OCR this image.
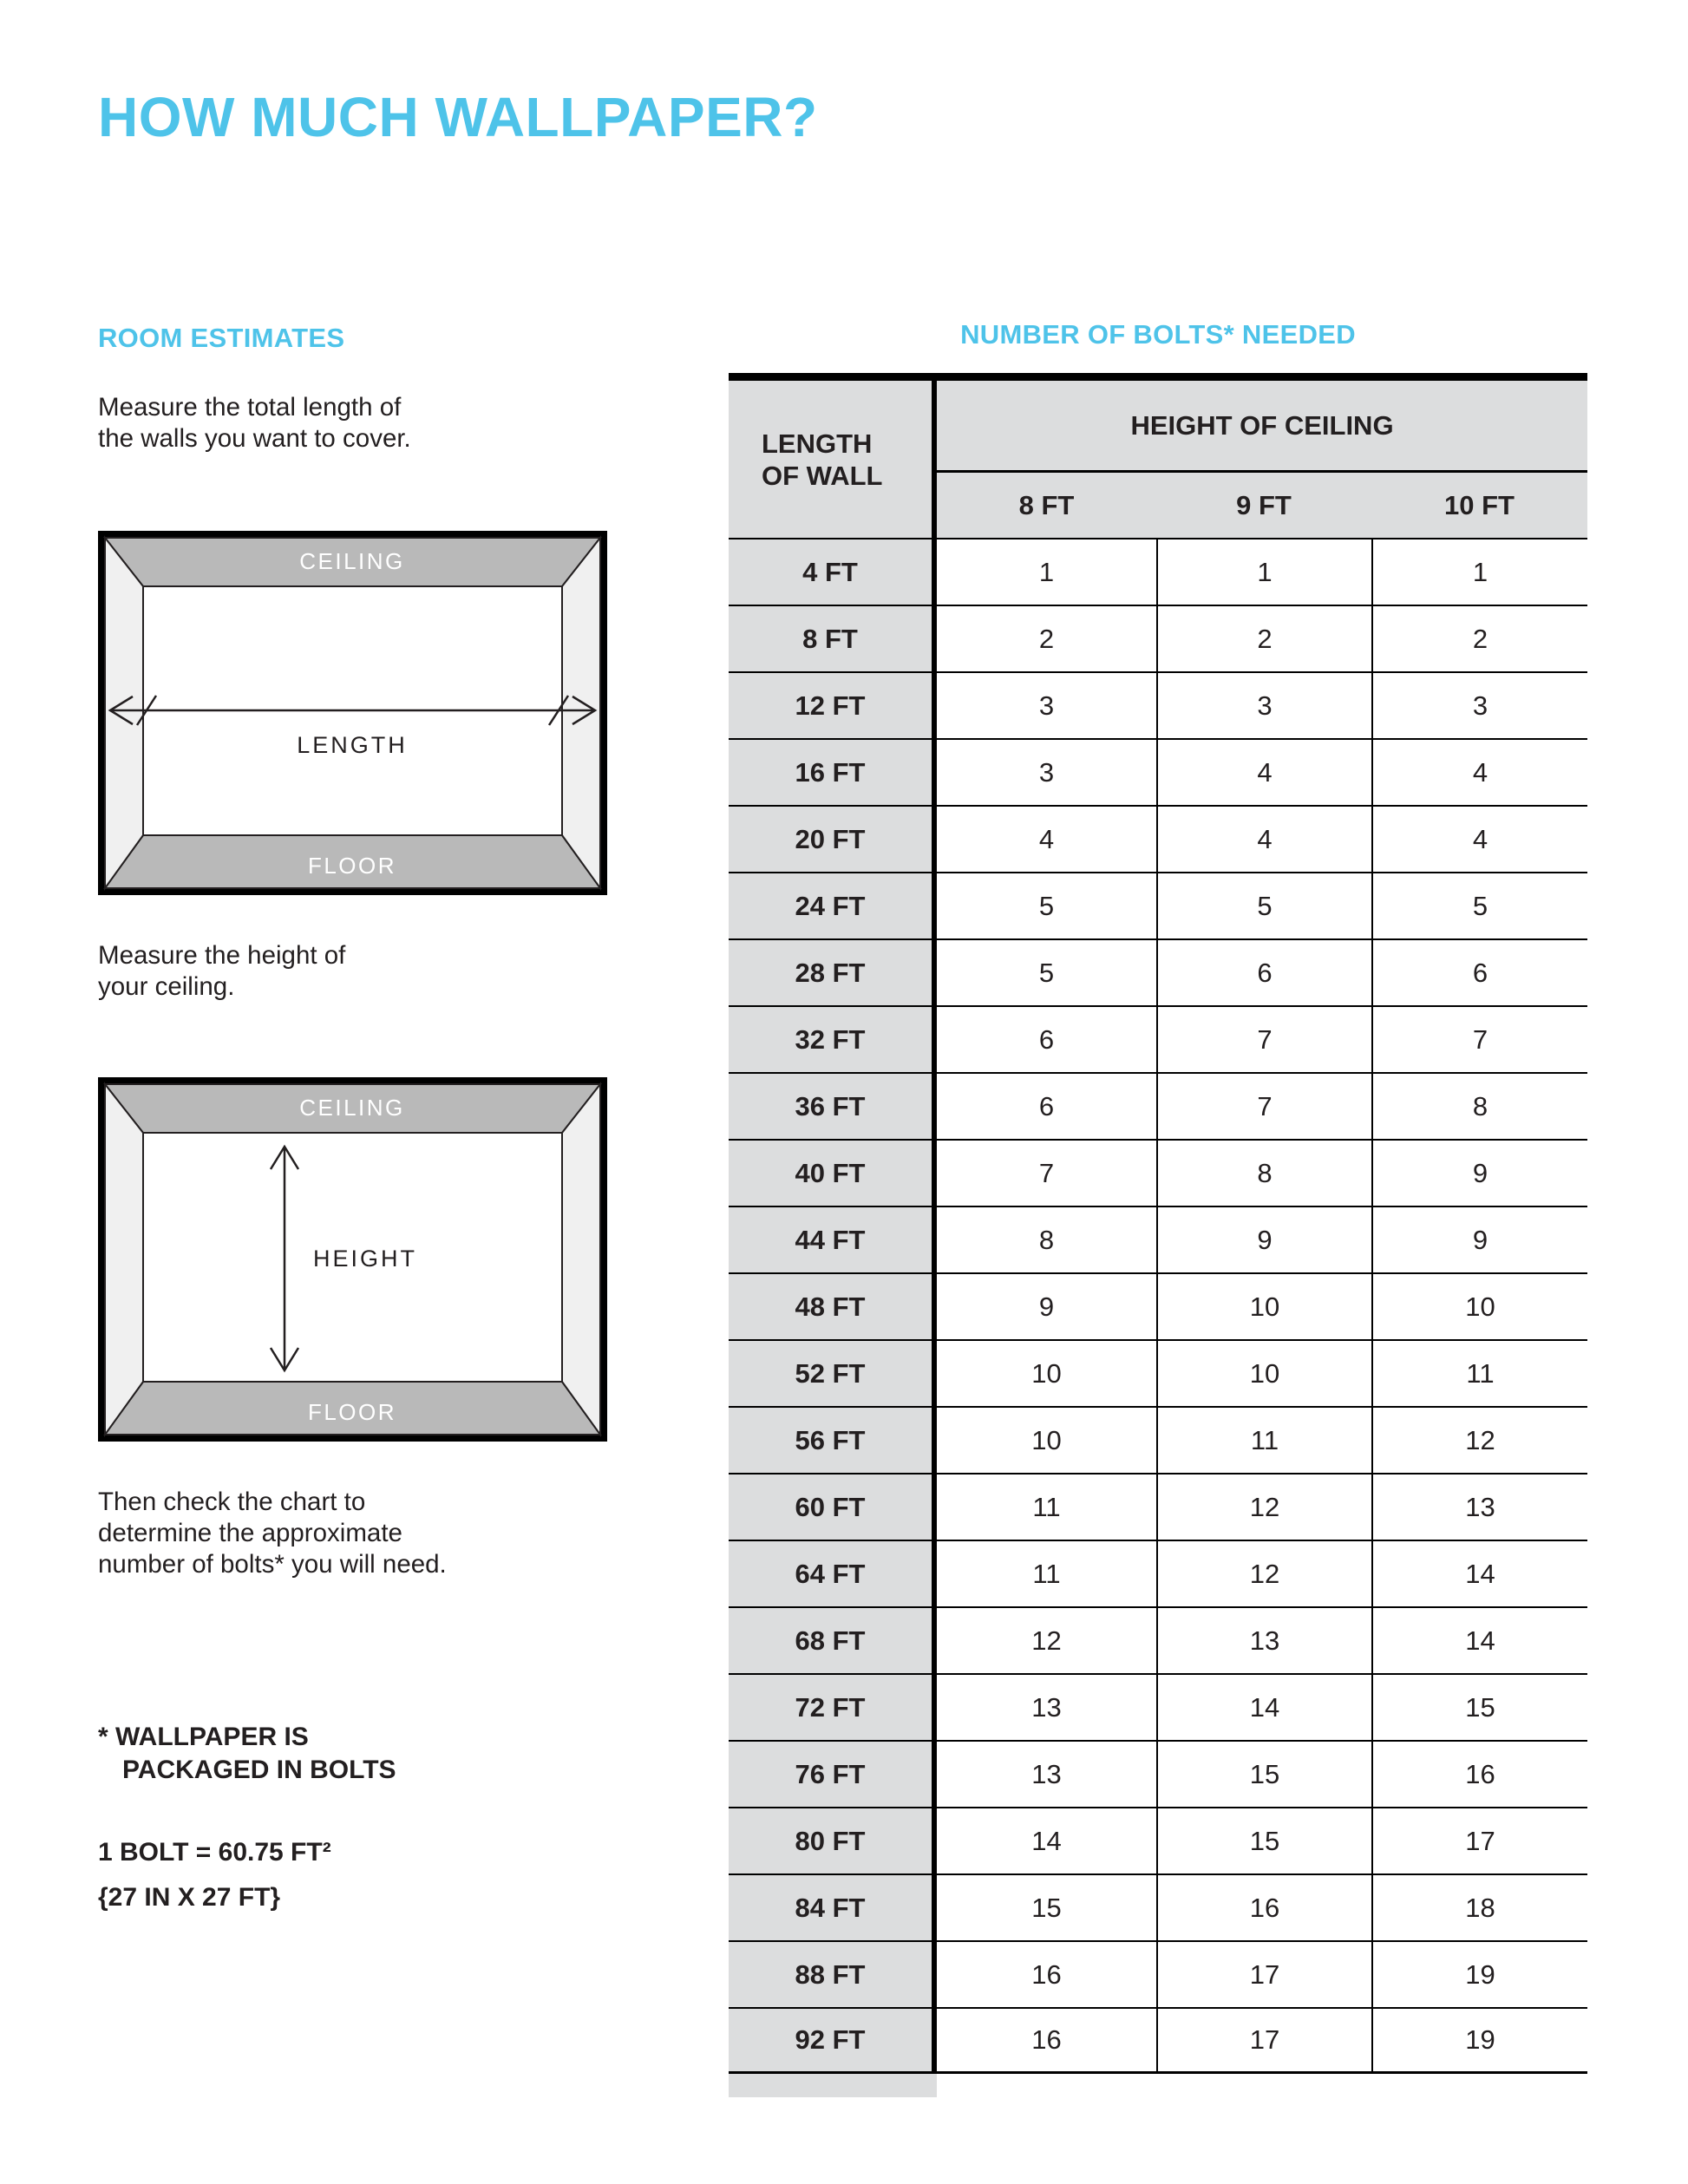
HOW MUCH WALLPAPER?
ROOM ESTIMATES

Measure the total length of
the walls you want to cover.

CEILING
FLOOR
LENGTH

Measure the height of
your ceiling.

CEILING
FLOOR
HEIGHT

Then check the chart to
determine the approximate
number of bolts* you will need.

* WALLPAPER IS
PACKAGED IN BOLTS

1 BOLT = 60.75 FT²
{27 IN X 27 FT}

NUMBER OF BOLTS* NEEDED
LENGTH
OF WALL
HEIGHT OF CEILING
8 FT	9 FT	10 FT
4 FT	1	1	1
8 FT	2	2	2
12 FT	3	3	3
16 FT	3	4	4
20 FT	4	4	4
24 FT	5	5	5
28 FT	5	6	6
32 FT	6	7	7
36 FT	6	7	8
40 FT	7	8	9
44 FT	8	9	9
48 FT	9	10	10
52 FT	10	10	11
56 FT	10	11	12
60 FT	11	12	13
64 FT	11	12	14
68 FT	12	13	14
72 FT	13	14	15
76 FT	13	15	16
80 FT	14	15	17
84 FT	15	16	18
88 FT	16	17	19
92 FT	16	17	19
